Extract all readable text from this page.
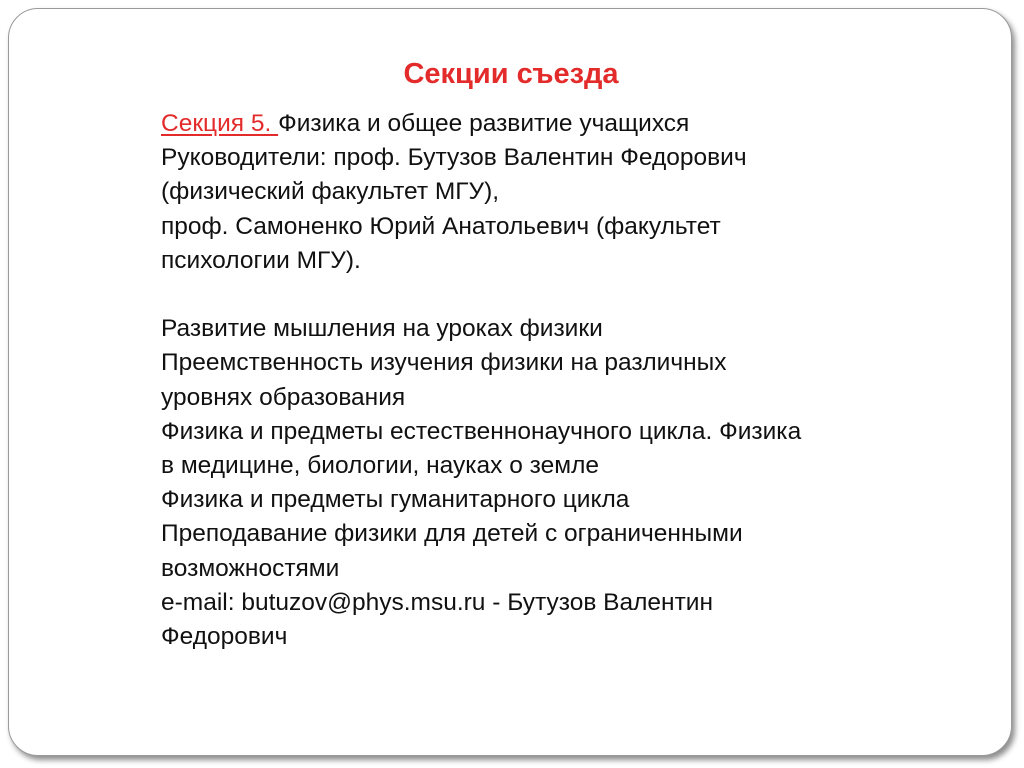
Секции съезда
Секция 5. Физика и общее развитие учащихся
Руководители: проф. Бутузов Валентин Федорович
(физический факультет МГУ),
проф. Самоненко Юрий Анатольевич (факультет
психологии МГУ).
Развитие мышления на уроках физики
Преемственность изучения физики на различных
уровнях образования
Физика и предметы естественнонаучного цикла. Физика
в медицине, биологии, науках о земле
Физика и предметы гуманитарного цикла
Преподавание физики для детей с ограниченными
возможностями
e-mail: butuzov@phys.msu.ru - Бутузов Валентин
Федорович
